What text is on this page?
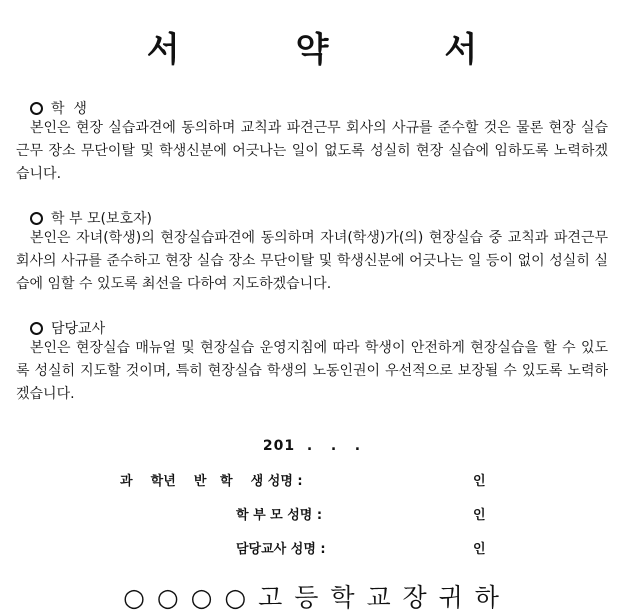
서	약	서
학  생
본인은 현장 실습과견에 동의하며 교칙과 파견근무 회사의 사규를 준수할 것은 물론 현장 실습 근무 장소 무단이탈 및 학생신분에 어긋나는 일이 없도록 성실히 현장 실습에 임하도록 노력하겠습니다.
학 부 모(보호자)
본인은 자녀(학생)의 현장실습파견에 동의하며 자녀(학생)가(의) 현장실습 중 교칙과 파견근무 회사의 사규를 준수하고 현장 실습 장소 무단이탈 및 학생신분에 어긋나는 일 등이 없이 성실히 실습에 임할 수 있도록 최선을 다하여 지도하겠습니다.
담당교사
본인은 현장실습 매뉴얼 및 현장실습 운영지침에 따라 학생이 안전하게 현장실습을 할 수 있도록 성실히 지도할 것이며, 특히 현장실습 학생의 노동인권이 우선적으로 보장될 수 있도록 노력하겠습니다.
201  .   .   .
과    학년    반   학    생 성명 :	인
학 부 모 성명 :	인
담당교사 성명 :	인
○ ○ ○ ○ 고 등 학 교 장 귀 하
